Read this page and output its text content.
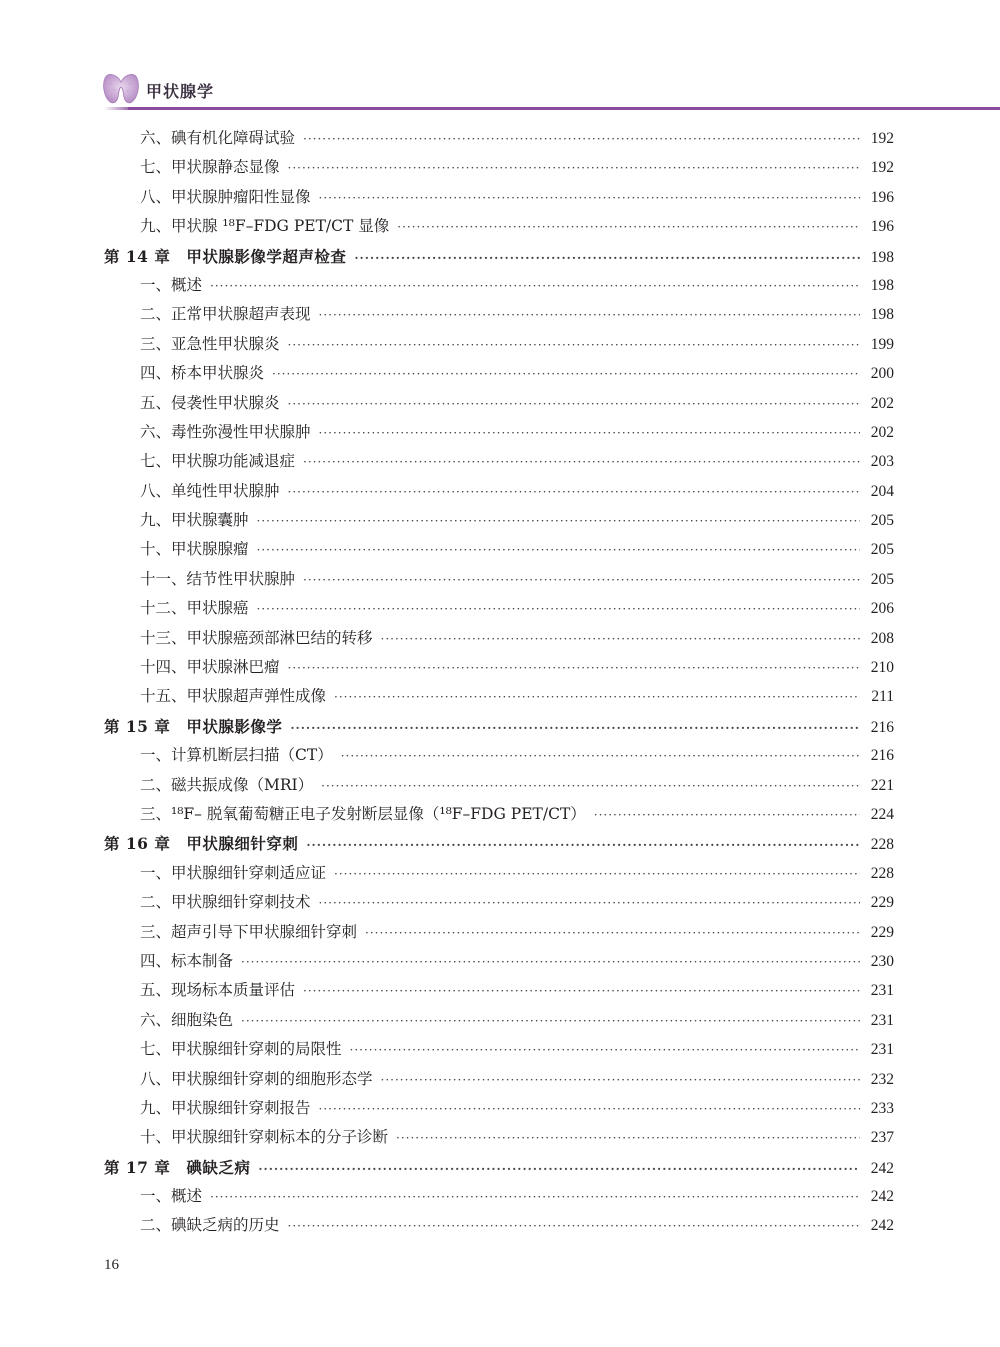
甲状腺学
六、碘有机化障碍试验 ·····	192
七、甲状腺静态显像 ·····	192
八、甲状腺肿瘤阳性显像 ·····	196
九、甲状腺 ¹⁸F–FDG PET/CT 显像 ·····	196
第 14 章　甲状腺影像学超声检查 ·····	198
一、概述 ·····	198
二、正常甲状腺超声表现 ·····	198
三、亚急性甲状腺炎 ·····	199
四、桥本甲状腺炎 ·····	200
五、侵袭性甲状腺炎 ·····	202
六、毒性弥漫性甲状腺肿 ·····	202
七、甲状腺功能减退症 ·····	203
八、单纯性甲状腺肿 ·····	204
九、甲状腺囊肿 ·····	205
十、甲状腺腺瘤 ·····	205
十一、结节性甲状腺肿 ·····	205
十二、甲状腺癌 ·····	206
十三、甲状腺癌颈部淋巴结的转移 ·····	208
十四、甲状腺淋巴瘤 ·····	210
十五、甲状腺超声弹性成像 ·····	211
第 15 章　甲状腺影像学 ·····	216
一、计算机断层扫描（CT） ·····	216
二、磁共振成像（MRI） ·····	221
三、¹⁸F– 脱氧葡萄糖正电子发射断层显像（¹⁸F–FDG PET/CT） ·····	224
第 16 章　甲状腺细针穿刺 ·····	228
一、甲状腺细针穿刺适应证 ·····	228
二、甲状腺细针穿刺技术 ·····	229
三、超声引导下甲状腺细针穿刺 ·····	229
四、标本制备 ·····	230
五、现场标本质量评估 ·····	231
六、细胞染色 ·····	231
七、甲状腺细针穿刺的局限性 ·····	231
八、甲状腺细针穿刺的细胞形态学 ·····	232
九、甲状腺细针穿刺报告 ·····	233
十、甲状腺细针穿刺标本的分子诊断 ·····	237
第 17 章　碘缺乏病 ·····	242
一、概述 ·····	242
二、碘缺乏病的历史 ·····	242
16
